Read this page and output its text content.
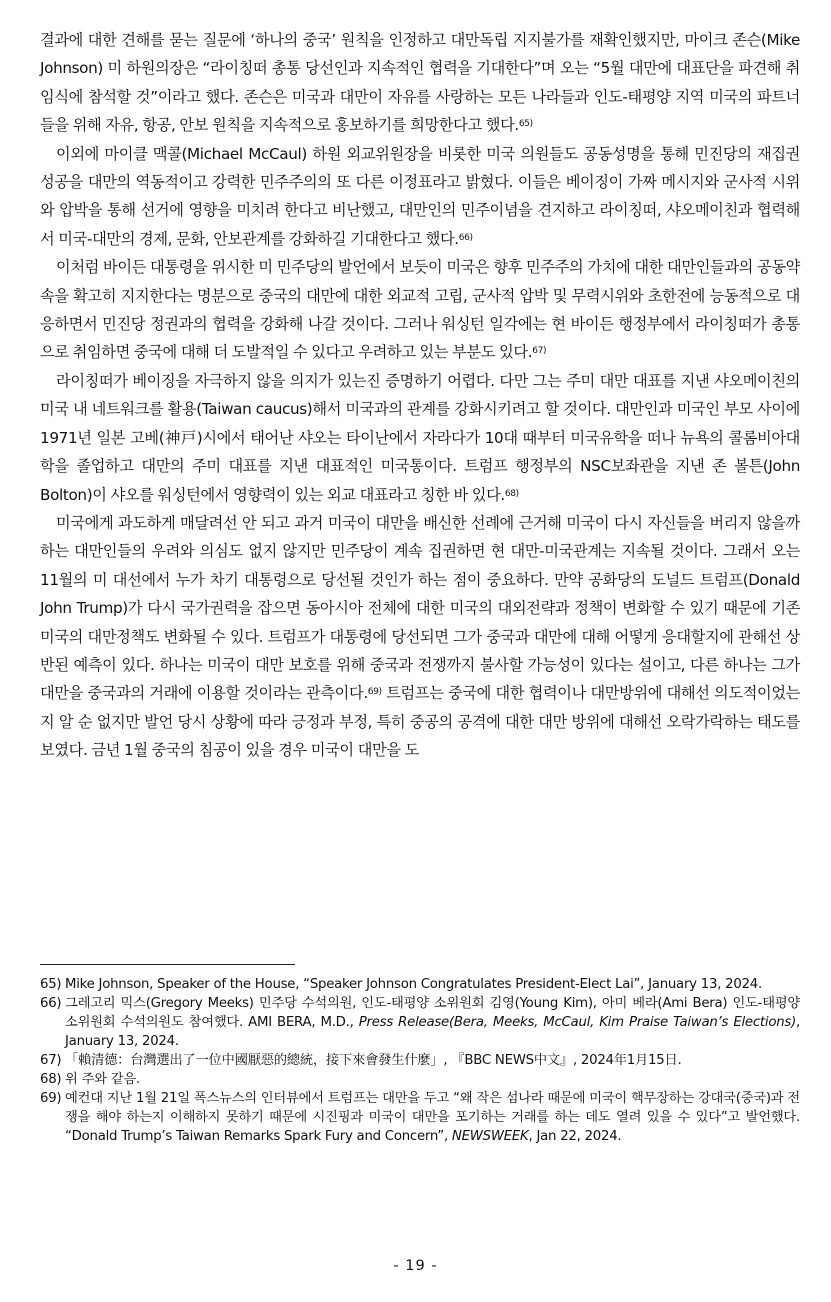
결과에 대한 견해를 묻는 질문에 ‘하나의 중국’ 원칙을 인정하고 대만독립 지지불가를 재확인했지만, 마이크 존슨(Mike Johnson) 미 하원의장은 “라이칭떠 총통 당선인과 지속적인 협력을 기대한다”며 오는 “5월 대만에 대표단을 파견해 취임식에 참석할 것”이라고 했다. 존슨은 미국과 대만이 자유를 사랑하는 모든 나라들과 인도-태평양 지역 미국의 파트너들을 위해 자유, 항공, 안보 원칙을 지속적으로 홍보하기를 희망한다고 했다.$^{65)}$

이외에 마이클 맥콜(Michael McCaul) 하원 외교위원장을 비롯한 미국 의원들도 공동성명을 통해 민진당의 재집권 성공을 대만의 역동적이고 강력한 민주주의의 또 다른 이정표라고 밝혔다. 이들은 베이징이 가짜 메시지와 군사적 시위와 압박을 통해 선거에 영향을 미치려 한다고 비난했고, 대만인의 민주이념을 견지하고 라이칭떠, 샤오메이친과 협력해서 미국-대만의 경제, 문화, 안보관계를 강화하길 기대한다고 했다.$^{66)}$

이처럼 바이든 대통령을 위시한 미 민주당의 발언에서 보듯이 미국은 향후 민주주의 가치에 대한 대만인들과의 공동약속을 확고히 지지한다는 명분으로 중국의 대만에 대한 외교적 고립, 군사적 압박 및 무력시위와 초한전에 능동적으로 대응하면서 민진당 정권과의 협력을 강화해 나갈 것이다. 그러나 워싱턴 일각에는 현 바이든 행정부에서 라이칭떠가 총통으로 취임하면 중국에 대해 더 도발적일 수 있다고 우려하고 있는 부분도 있다.$^{67)}$

라이칭떠가 베이징을 자극하지 않을 의지가 있는진 증명하기 어렵다. 다만 그는 주미 대만 대표를 지낸 샤오메이친의 미국 내 네트워크를 활용(Taiwan caucus)해서 미국과의 관계를 강화시키려고 할 것이다. 대만인과 미국인 부모 사이에 1971년 일본 고베(神戸)시에서 태어난 샤오는 타이난에서 자라다가 10대 때부터 미국유학을 떠나 뉴욕의 콜롬비아대학을 졸업하고 대만의 주미 대표를 지낸 대표적인 미국통이다. 트럼프 행정부의 NSC보좌관을 지낸 존 볼튼(John Bolton)이 샤오를 워싱턴에서 영향력이 있는 외교 대표라고 칭한 바 있다.$^{68)}$

미국에게 과도하게 매달려선 안 되고 과거 미국이 대만을 배신한 선례에 근거해 미국이 다시 자신들을 버리지 않을까하는 대만인들의 우려와 의심도 없지 않지만 민주당이 계속 집권하면 현 대만-미국관계는 지속될 것이다. 그래서 오는 11월의 미 대선에서 누가 차기 대통령으로 당선될 것인가 하는 점이 중요하다. 만약 공화당의 도널드 트럼프(Donald John Trump)가 다시 국가권력을 잡으면 동아시아 전체에 대한 미국의 대외전략과 정책이 변화할 수 있기 때문에 기존 미국의 대만정책도 변화될 수 있다. 트럼프가 대통령에 당선되면 그가 중국과 대만에 대해 어떻게 응대할지에 관해선 상반된 예측이 있다. 하나는 미국이 대만 보호를 위해 중국과 전쟁까지 불사할 가능성이 있다는 설이고, 다른 하나는 그가 대만을 중국과의 거래에 이용할 것이라는 관측이다.$^{69)}$ 트럼프는 중국에 대한 협력이나 대만방위에 대해선 의도적이었는지 알 순 없지만 발언 당시 상황에 따라 긍정과 부정, 특히 중공의 공격에 대한 대만 방위에 대해선 오락가락하는 태도를 보였다. 금년 1월 중국의 침공이 있을 경우 미국이 대만을 도

65) Mike Johnson, Speaker of the House, “Speaker Johnson Congratulates President-Elect Lai”, January 13, 2024.
66) 그레고리 믹스(Gregory Meeks) 민주당 수석의원, 인도-태평양 소위원회 김영(Young Kim), 아미 베라(Ami Bera) 인도-태평양 소위원회 수석의원도 참여했다. AMI BERA, M.D., Press Release(Bera, Meeks, McCaul, Kim Praise Taiwan’s Elections), January 13, 2024.
67) 「賴清德：台灣選出了一位中國厭惡的總統，接下來會發生什麼」, 『BBC NEWS中文』, 2024年1月15日.
68) 위 주와 같음.
69) 예컨대 지난 1월 21일 폭스뉴스의 인터뷰에서 트럼프는 대만을 두고 “왜 작은 섬나라 때문에 미국이 핵무장하는 강대국(중국)과 전쟁을 해야 하는지 이해하지 못하기 때문에 시진핑과 미국이 대만을 포기하는 거래를 하는 데도 열려 있을 수 있다”고 발언했다. “Donald Trump’s Taiwan Remarks Spark Fury and Concern”, NEWSWEEK, Jan 22, 2024.
- 19 -
